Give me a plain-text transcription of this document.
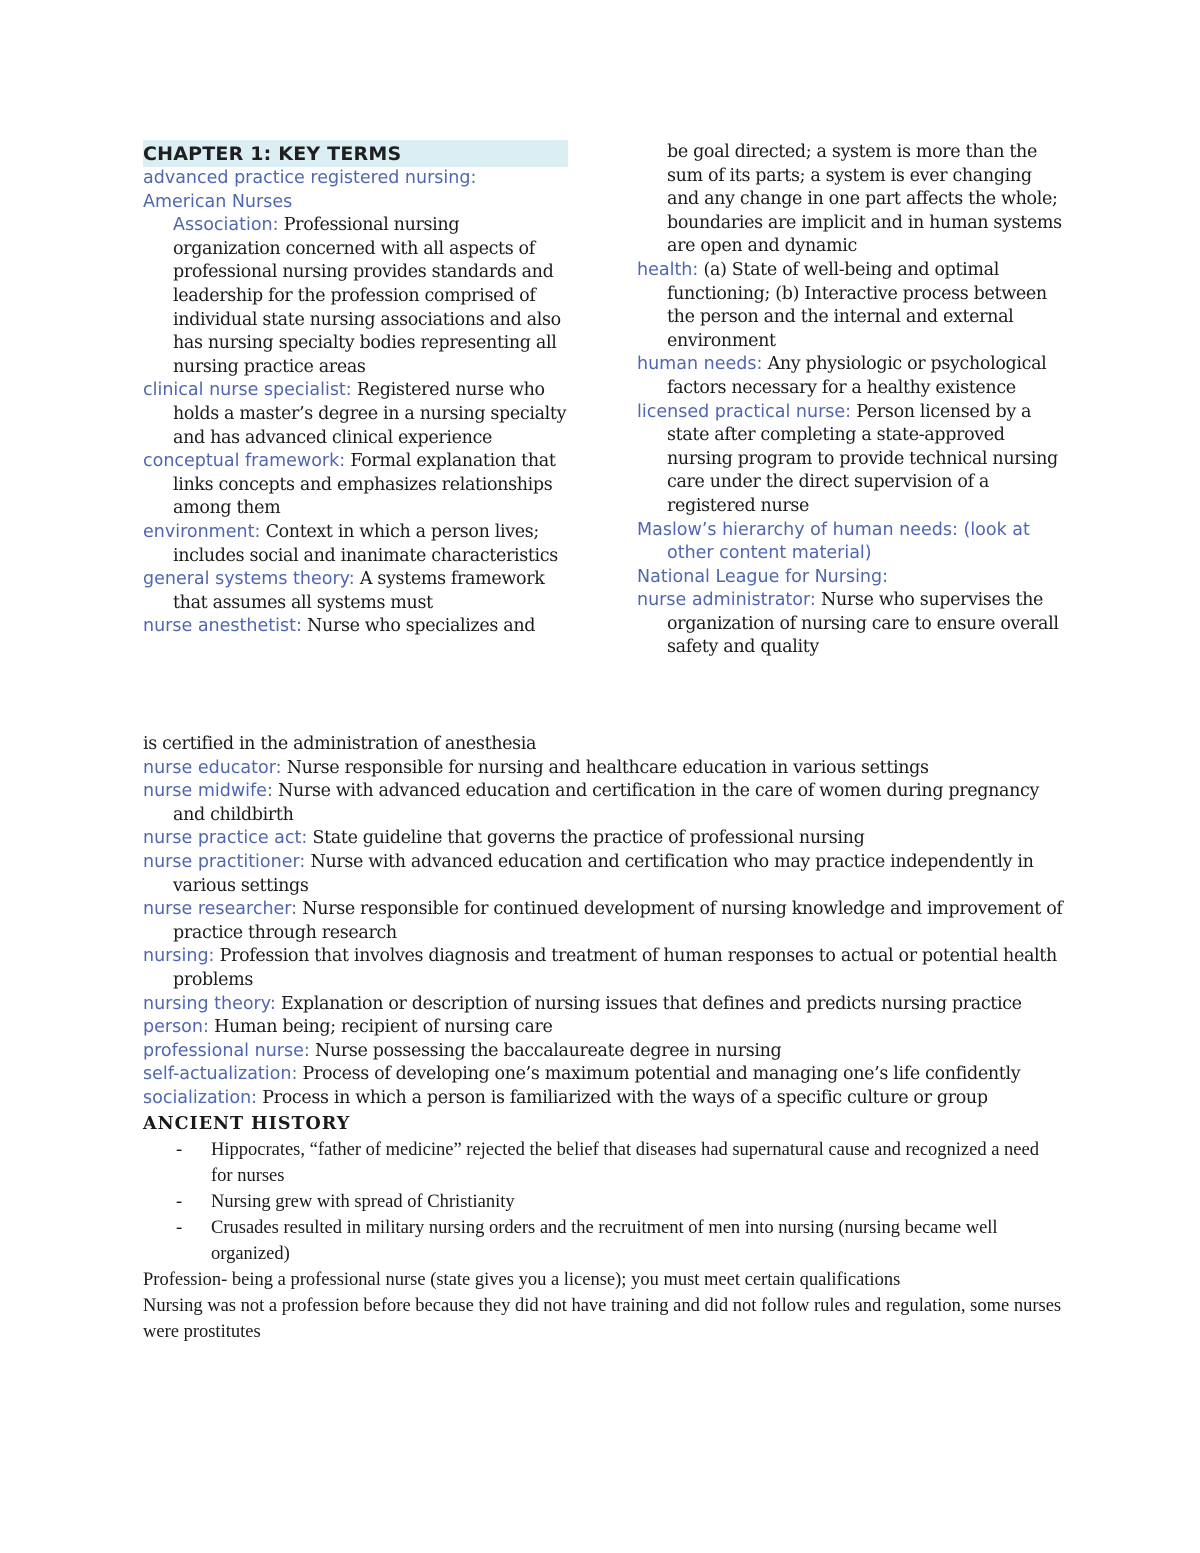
CHAPTER 1: KEY TERMS

advanced practice registered nursing:

American Nurses

Association: Professional nursing organization concerned with all aspects of professional nursing provides standards and leadership for the profession comprised of individual state nursing associations and also has nursing specialty bodies representing all nursing practice areas

clinical nurse specialist: Registered nurse who holds a master’s degree in a nursing specialty and has advanced clinical experience

conceptual framework: Formal explanation that links concepts and emphasizes relationships among them

environment: Context in which a person lives; includes social and inanimate characteristics

general systems theory: A systems framework that assumes all systems must

nurse anesthetist: Nurse who specializes and

be goal directed; a system is more than the sum of its parts; a system is ever changing and any change in one part affects the whole; boundaries are implicit and in human systems are open and dynamic

health: (a) State of well-being and optimal functioning; (b) Interactive process between the person and the internal and external environment

human needs: Any physiologic or psychological factors necessary for a healthy existence

licensed practical nurse: Person licensed by a state after completing a state-approved nursing program to provide technical nursing care under the direct supervision of a registered nurse

Maslow’s hierarchy of human needs: (look at other content material)

National League for Nursing:

nurse administrator: Nurse who supervises the organization of nursing care to ensure overall safety and quality

is certified in the administration of anesthesia

nurse educator: Nurse responsible for nursing and healthcare education in various settings

nurse midwife: Nurse with advanced education and certification in the care of women during pregnancy and childbirth

nurse practice act: State guideline that governs the practice of professional nursing

nurse practitioner: Nurse with advanced education and certification who may practice independently in various settings

nurse researcher: Nurse responsible for continued development of nursing knowledge and improvement of practice through research

nursing: Profession that involves diagnosis and treatment of human responses to actual or potential health problems

nursing theory: Explanation or description of nursing issues that defines and predicts nursing practice

person: Human being; recipient of nursing care

professional nurse: Nurse possessing the baccalaureate degree in nursing

self-actualization: Process of developing one’s maximum potential and managing one’s life confidently

socialization: Process in which a person is familiarized with the ways of a specific culture or group

ANCIENT HISTORY
- Hippocrates, “father of medicine” rejected the belief that diseases had supernatural cause and recognized a need for nurses
- Nursing grew with spread of Christianity
- Crusades resulted in military nursing orders and the recruitment of men into nursing (nursing became well organized)

Profession- being a professional nurse (state gives you a license); you must meet certain qualifications

Nursing was not a profession before because they did not have training and did not follow rules and regulation, some nurses were prostitutes
